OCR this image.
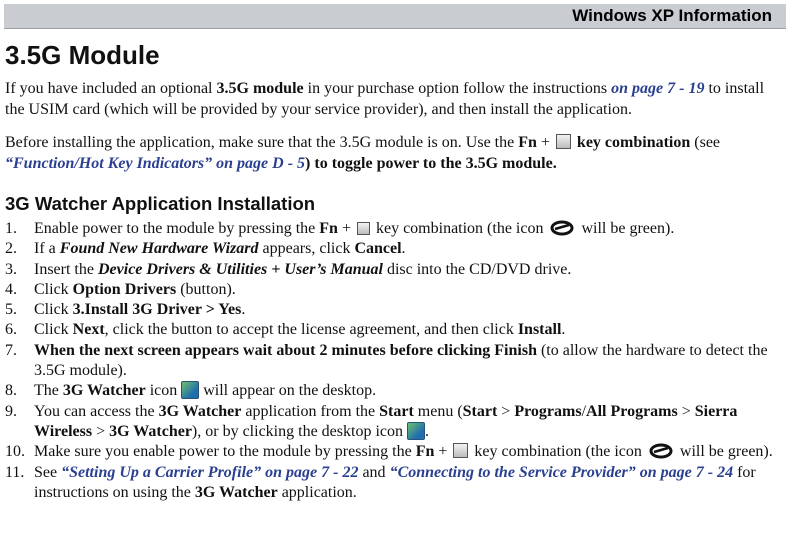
Windows XP Information
3.5G Module

If you have included an optional 3.5G module in your purchase option follow the instructions on page 7 - 19 to install the USIM card (which will be provided by your service provider), and then install the application.

Before installing the application, make sure that the 3.5G module is on. Use the Fn +  key combination (see “Function/Hot Key Indicators” on page D - 5) to toggle power to the 3.5G module.

3G Watcher Application Installation
1. Enable power to the module by pressing the Fn +  key combination (the icon  will be green).
2. If a Found New Hardware Wizard appears, click Cancel.
3. Insert the Device Drivers & Utilities + User’s Manual disc into the CD/DVD drive.
4. Click Option Drivers (button).
5. Click 3.Install 3G Driver > Yes.
6. Click Next, click the button to accept the license agreement, and then click Install.
7. When the next screen appears wait about 2 minutes before clicking Finish (to allow the hardware to detect the 3.5G module).
8. The 3G Watcher icon  will appear on the desktop.
9. You can access the 3G Watcher application from the Start menu (Start > Programs/All Programs > Sierra Wireless > 3G Watcher), or by clicking the desktop icon .
10. Make sure you enable power to the module by pressing the Fn +  key combination (the icon  will be green).
11. See “Setting Up a Carrier Profile” on page 7 - 22 and “Connecting to the Service Provider” on page 7 - 24 for instructions on using the 3G Watcher application.
